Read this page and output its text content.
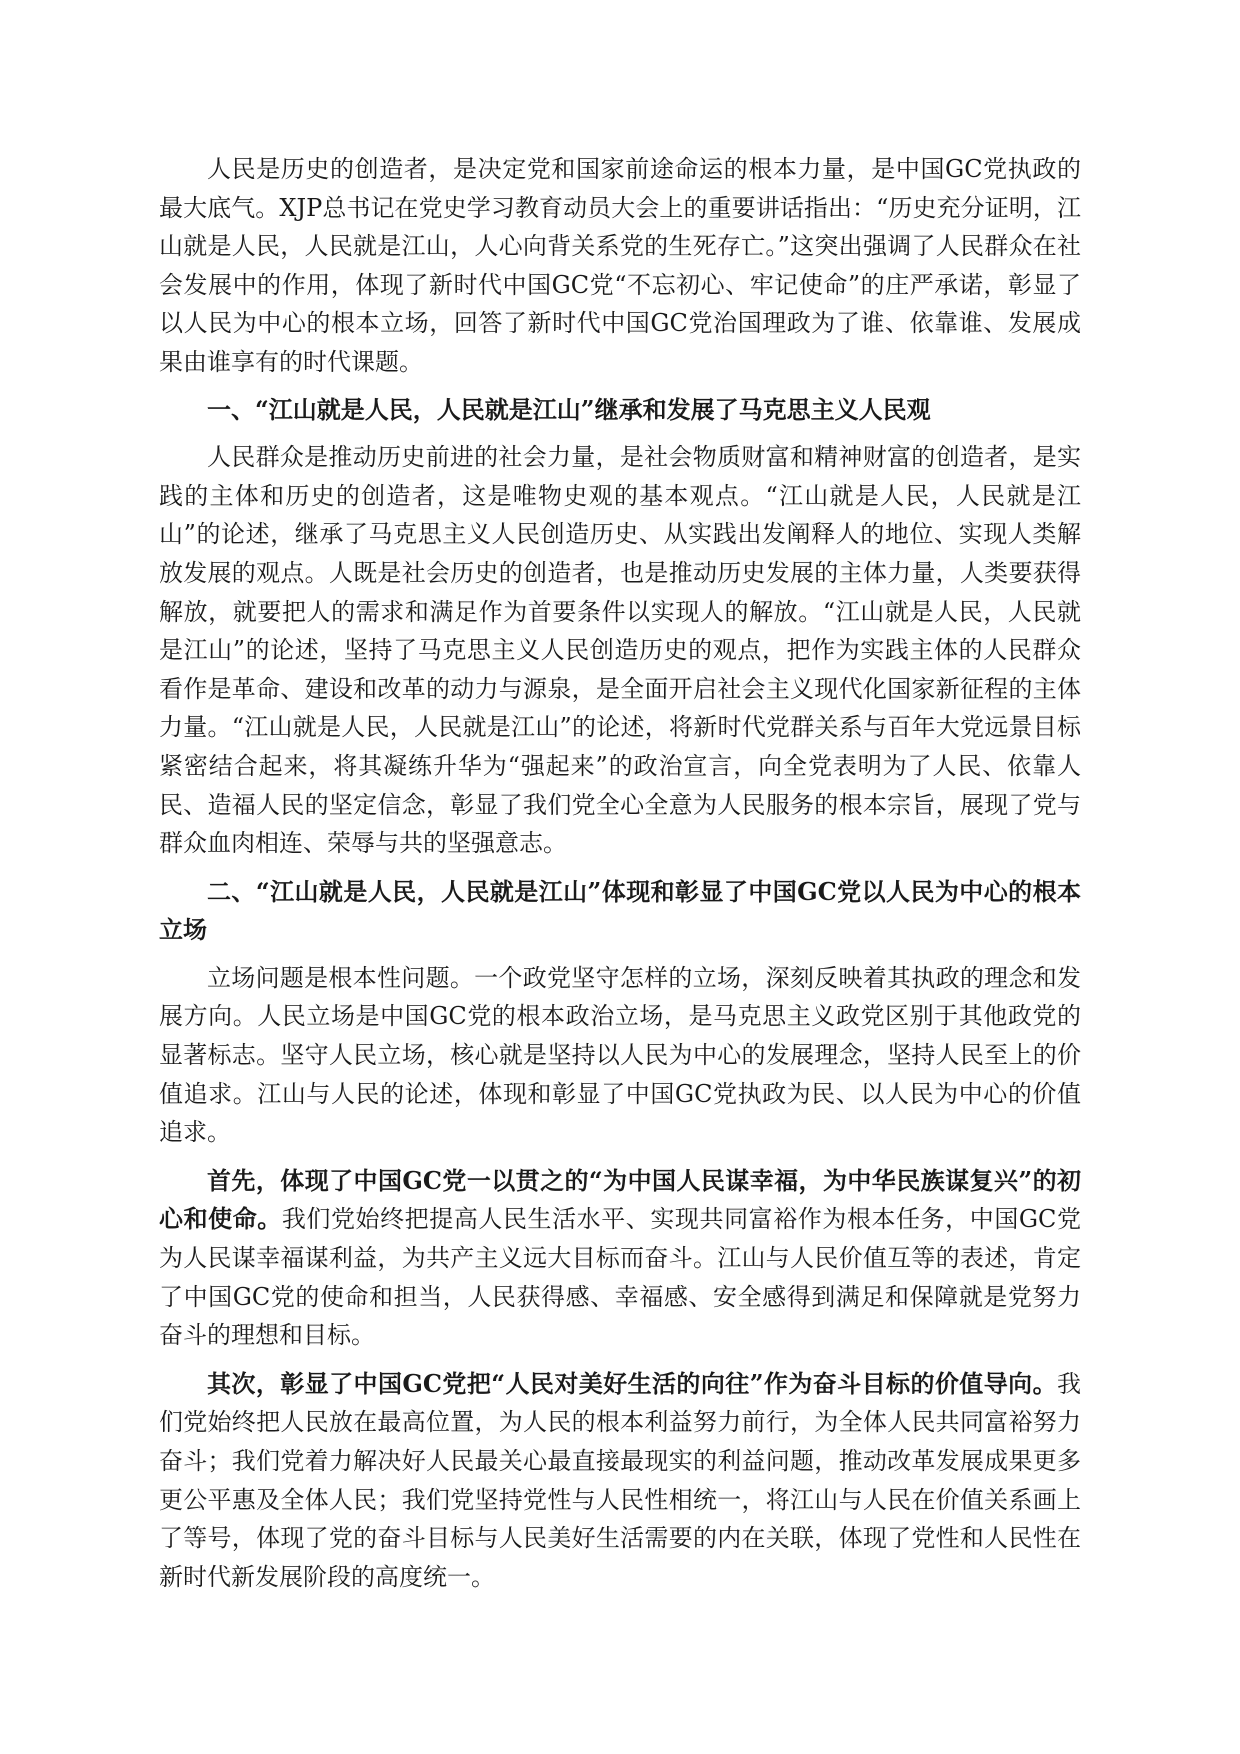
人民是历史的创造者，是决定党和国家前途命运的根本力量，是中国GC党执政的最大底气。XJP总书记在党史学习教育动员大会上的重要讲话指出：“历史充分证明，江山就是人民，人民就是江山，人心向背关系党的生死存亡。”这突出强调了人民群众在社会发展中的作用，体现了新时代中国GC党“不忘初心、牢记使命”的庄严承诺，彰显了以人民为中心的根本立场，回答了新时代中国GC党治国理政为了谁、依靠谁、发展成果由谁享有的时代课题。

一、“江山就是人民，人民就是江山”继承和发展了马克思主义人民观

人民群众是推动历史前进的社会力量，是社会物质财富和精神财富的创造者，是实践的主体和历史的创造者，这是唯物史观的基本观点。“江山就是人民，人民就是江山”的论述，继承了马克思主义人民创造历史、从实践出发阐释人的地位、实现人类解放发展的观点。人既是社会历史的创造者，也是推动历史发展的主体力量，人类要获得解放，就要把人的需求和满足作为首要条件以实现人的解放。“江山就是人民，人民就是江山”的论述，坚持了马克思主义人民创造历史的观点，把作为实践主体的人民群众看作是革命、建设和改革的动力与源泉，是全面开启社会主义现代化国家新征程的主体力量。“江山就是人民，人民就是江山”的论述，将新时代党群关系与百年大党远景目标紧密结合起来，将其凝练升华为“强起来”的政治宣言，向全党表明为了人民、依靠人民、造福人民的坚定信念，彰显了我们党全心全意为人民服务的根本宗旨，展现了党与群众血肉相连、荣辱与共的坚强意志。

二、“江山就是人民，人民就是江山”体现和彰显了中国GC党以人民为中心的根本立场

立场问题是根本性问题。一个政党坚守怎样的立场，深刻反映着其执政的理念和发展方向。人民立场是中国GC党的根本政治立场，是马克思主义政党区别于其他政党的显著标志。坚守人民立场，核心就是坚持以人民为中心的发展理念，坚持人民至上的价值追求。江山与人民的论述，体现和彰显了中国GC党执政为民、以人民为中心的价值追求。

首先，体现了中国GC党一以贯之的“为中国人民谋幸福，为中华民族谋复兴”的初心和使命。我们党始终把提高人民生活水平、实现共同富裕作为根本任务，中国GC党为人民谋幸福谋利益，为共产主义远大目标而奋斗。江山与人民价值互等的表述，肯定了中国GC党的使命和担当，人民获得感、幸福感、安全感得到满足和保障就是党努力奋斗的理想和目标。

其次，彰显了中国GC党把“人民对美好生活的向往”作为奋斗目标的价值导向。我们党始终把人民放在最高位置，为人民的根本利益努力前行，为全体人民共同富裕努力奋斗；我们党着力解决好人民最关心最直接最现实的利益问题，推动改革发展成果更多更公平惠及全体人民；我们党坚持党性与人民性相统一，将江山与人民在价值关系画上了等号，体现了党的奋斗目标与人民美好生活需要的内在关联，体现了党性和人民性在新时代新发展阶段的高度统一。
